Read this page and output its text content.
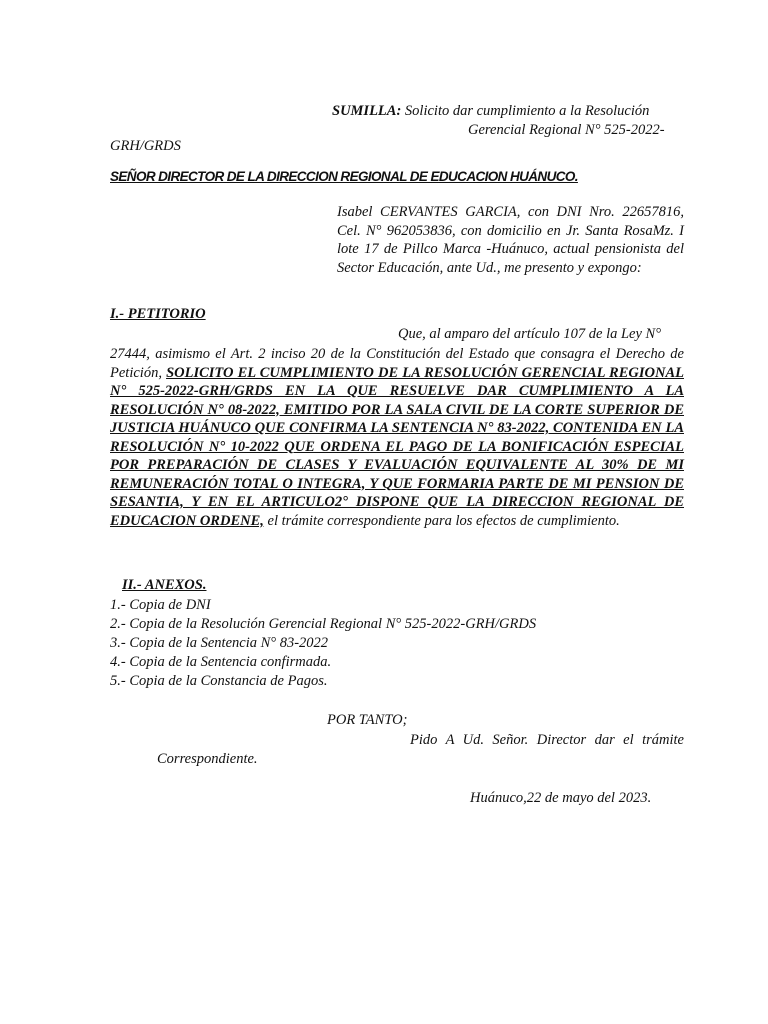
SUMILLA: Solicito dar cumplimiento a la Resolución
Gerencial Regional N° 525-2022-
GRH/GRDS
SEÑOR DIRECTOR DE LA DIRECCION REGIONAL DE EDUCACION HUÁNUCO.
Isabel CERVANTES GARCIA, con DNI Nro. 22657816, Cel. N° 962053836, con domicilio en Jr. Santa RosaMz. I lote 17 de Pillco Marca -Huánuco, actual pensionista del Sector Educación, ante Ud., me presento y expongo:
I.- PETITORIO
Que, al amparo del artículo 107 de la Ley N°
27444, asimismo el Art. 2 inciso 20 de la Constitución del Estado que consagra el Derecho de Petición, SOLICITO EL CUMPLIMIENTO DE LA RESOLUCIÓN GERENCIAL REGIONAL N° 525-2022-GRH/GRDS EN LA QUE RESUELVE DAR CUMPLIMIENTO A LA RESOLUCIÓN N° 08-2022, EMITIDO POR LA SALA CIVIL DE LA CORTE SUPERIOR DE JUSTICIA HUÁNUCO QUE CONFIRMA LA SENTENCIA N° 83-2022, CONTENIDA EN LA RESOLUCIÓN N° 10-2022 QUE ORDENA EL PAGO DE LA BONIFICACIÓN ESPECIAL POR PREPARACIÓN DE CLASES Y EVALUACIÓN EQUIVALENTE AL 30% DE MI REMUNERACIÓN TOTAL O INTEGRA, Y QUE FORMARIA PARTE DE MI PENSION DE SESANTIA, Y EN EL ARTICULO2° DISPONE QUE LA DIRECCION REGIONAL DE EDUCACION ORDENE, el trámite correspondiente para los efectos de cumplimiento.
II.- ANEXOS.
1.- Copia de DNI
2.- Copia de la Resolución Gerencial Regional N° 525-2022-GRH/GRDS
3.- Copia de la Sentencia N° 83-2022
4.- Copia de la Sentencia confirmada.
5.- Copia de la Constancia de Pagos.
POR TANTO;
Pido A Ud. Señor. Director dar el trámite
Correspondiente.
Huánuco,22 de mayo del 2023.
